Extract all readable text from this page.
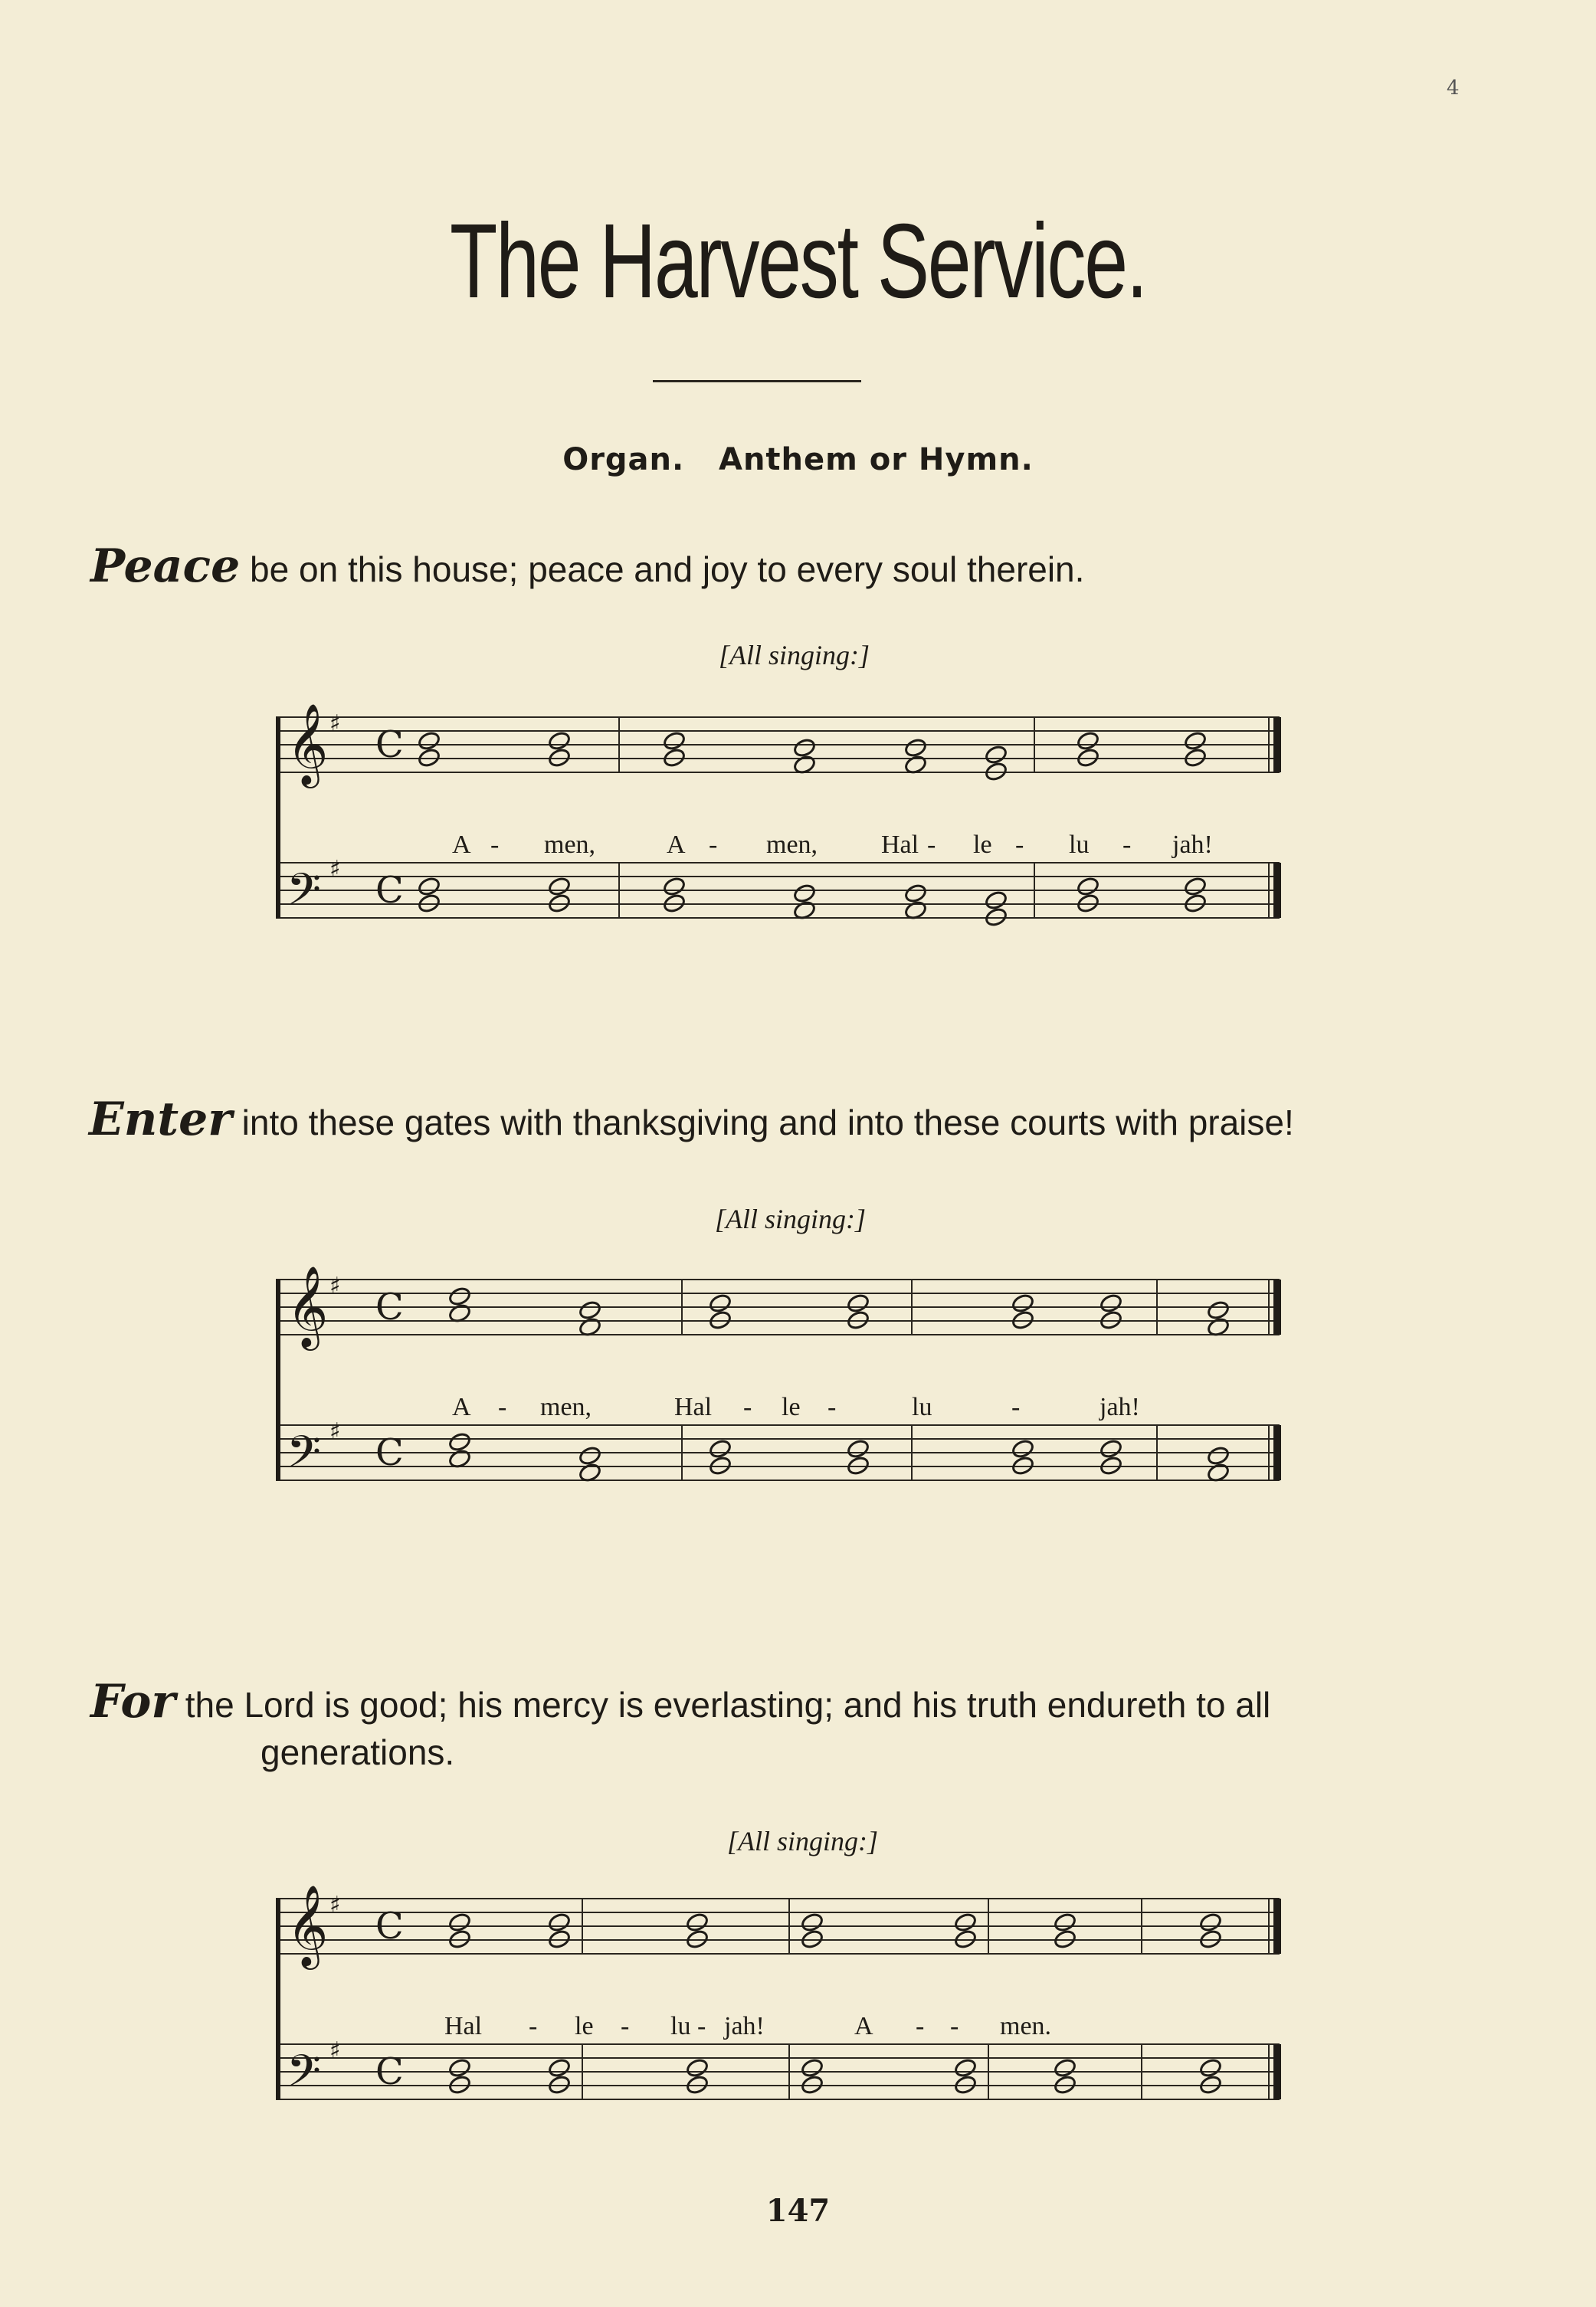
4
The Harvest Service.
Organ.   Anthem or Hymn.
Peace be on this house; peace and joy to every soul therein.
[All singing:]
𝄞 ♯ C
𝄢 ♯ C
A - men,	A - men, Hal - le - lu - jah!
Enter into these gates with thanksgiving and into these courts with praise!
[All singing:]
𝄞 ♯ C
𝄢 ♯ C
A - men,	Hal - le -	lu	-	jah!
For the Lord is good; his mercy is everlasting; and his truth endureth to all
generations.
[All singing:]
𝄞 ♯ C
𝄢 ♯ C
Hal - le - lu - jah!	A - - men.
147
